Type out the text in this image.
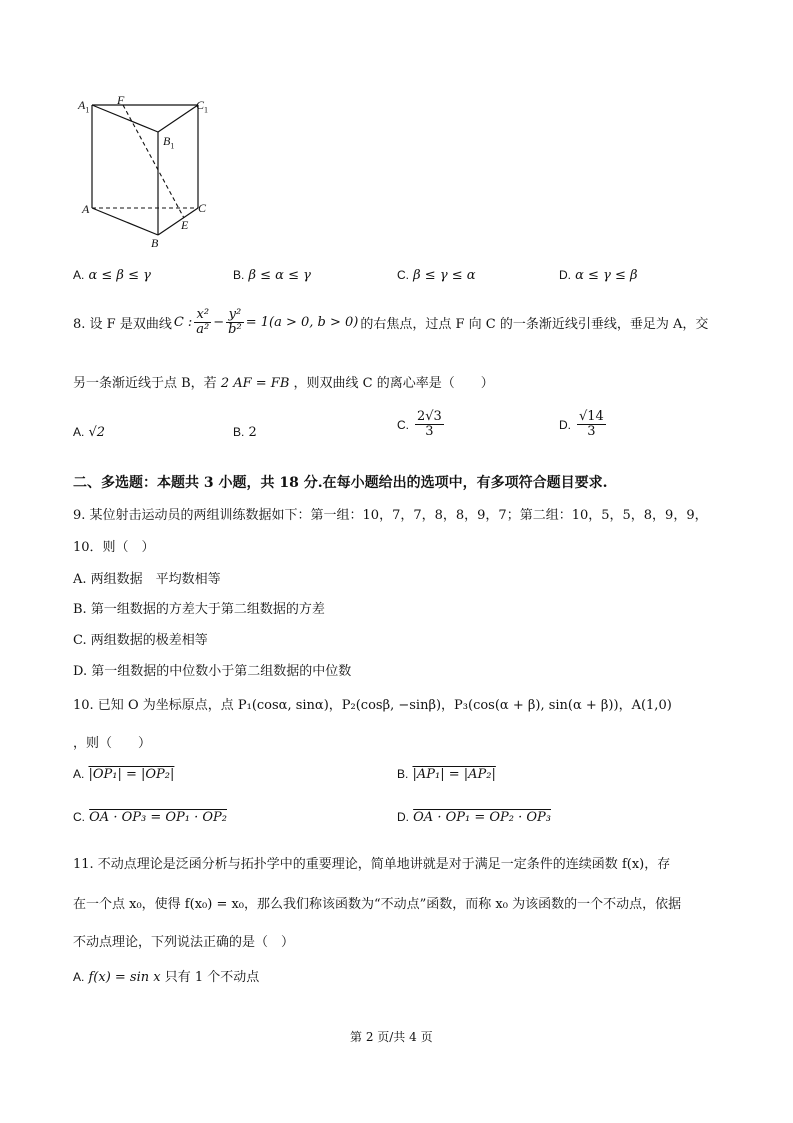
$A_1$
F	$C_1$
$B_1$
A	C
E
B
A. α ≤ β ≤ γ	B. β ≤ α ≤ γ	C. β ≤ γ ≤ α	D. α ≤ γ ≤ β
8. 设 F 是双曲线 C : $\frac{\text{x²}}{\text{a²}} - \frac{\text{y²}}{\text{b²}} = 1(a > 0$, b > 0) 的右焦点，过点 F 向 C 的一条渐近线引垂线，垂足为 A，交
另一条渐近线于点 B，若 2 AF = FB ，则双曲线 C 的离心率是（　　）
A. √2	B. 2
C. $\frac{2√3}{3}$	D. $\frac{√14}{3}$
二、多选题：本题共 3 小题，共 18 分.在每小题给出的选项中，有多项符合题目要求.
9. 某位射击运动员的两组训练数据如下：第一组：10，7，7，8，8，9，7；第二组：10，5，5，8，9，9，
10．则（　）
A. 两组数据　平均数相等
B. 第一组数据的方差大于第二组数据的方差
C. 两组数据的极差相等
D. 第一组数据的中位数小于第二组数据的中位数
10. 已知 O 为坐标原点，点 P₁(cosα, sinα)，P₂(cosβ, −sinβ)，P₃(cos(α + β), sin(α + β))，A(1,0)
，则（　　）
A. |OP₁| = |OP₂|	B. |AP₁| = |AP₂|
C. OA · OP₃ = OP₁ · OP₂	D. OA · OP₁ = OP₂ · OP₃
11. 不动点理论是泛函分析与拓扑学中的重要理论，简单地讲就是对于满足一定条件的连续函数 f(x)，存
在一个点 x₀，使得 f(x₀) = x₀，那么我们称该函数为“不动点”函数，而称 x₀ 为该函数的一个不动点，依据
不动点理论，下列说法正确的是（　）
A. f(x) = sin x 只有 1 个不动点
第 2 页/共 4 页
